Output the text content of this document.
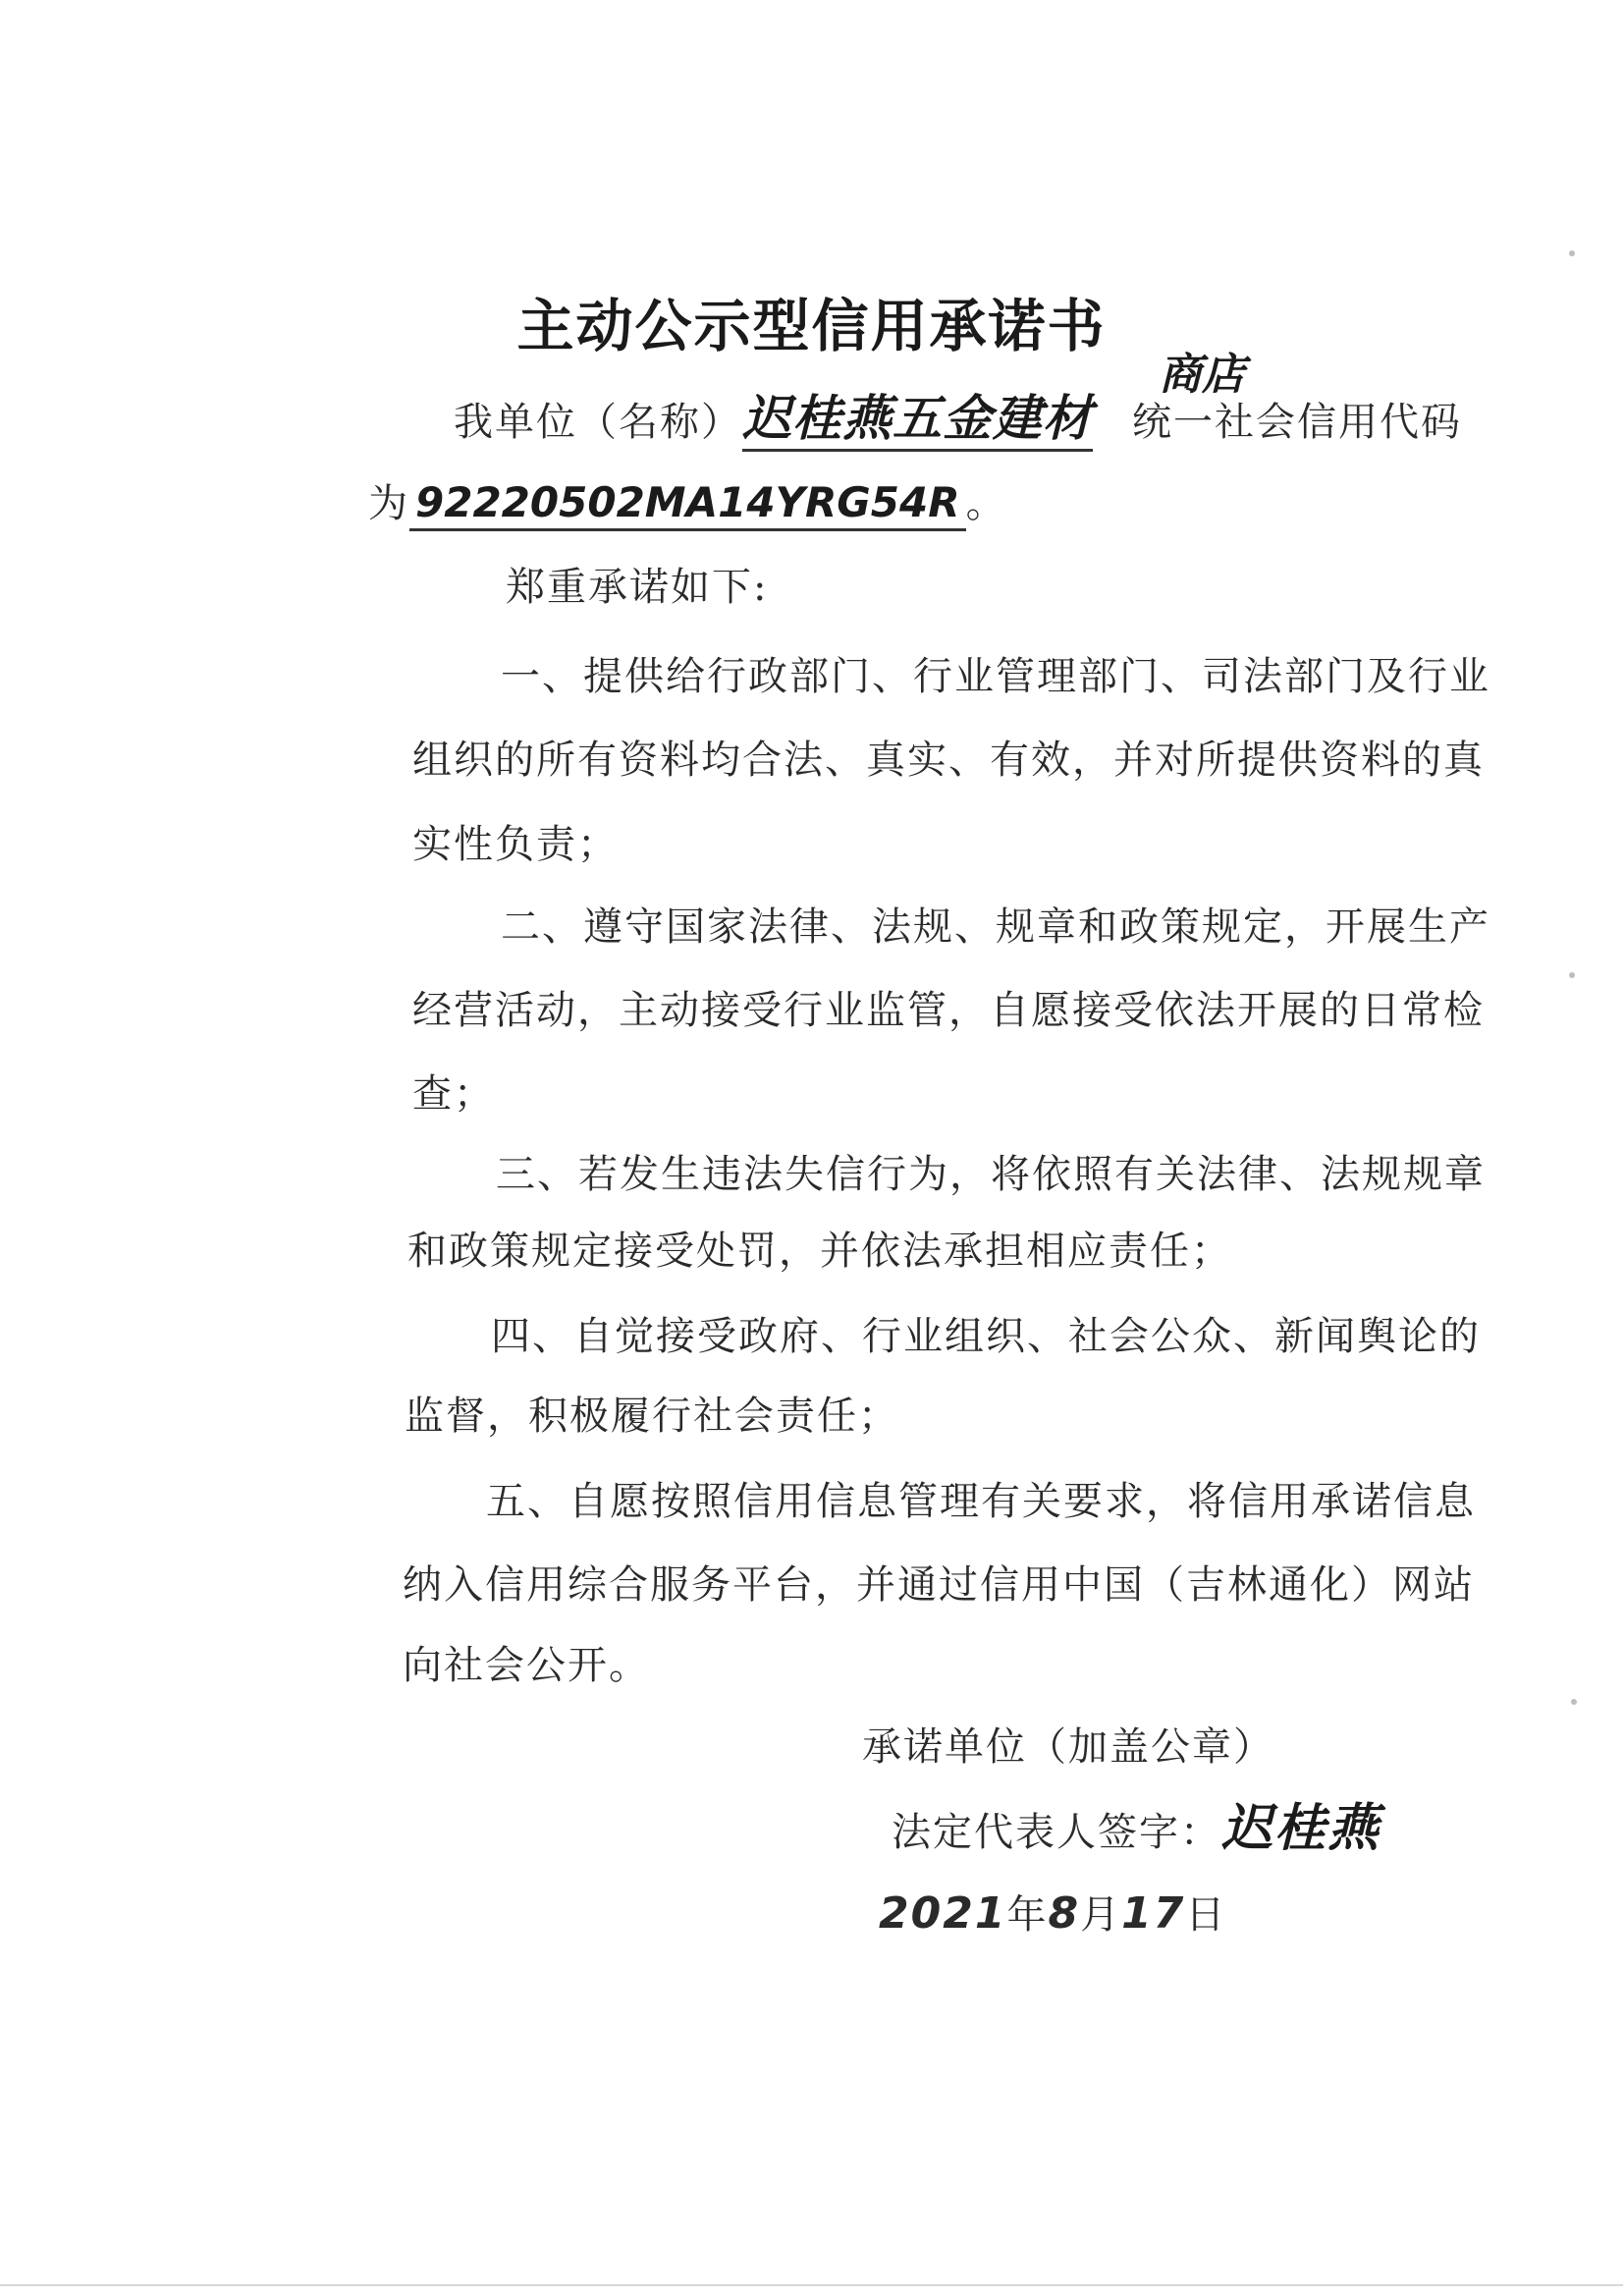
主动公示型信用承诺书
我单位（名称）迟桂燕五金建材 统一社会信用代码
商店
为 92220502MA14YRG54R 。
郑重承诺如下:
一、提供给行政部门、行业管理部门、司法部门及行业
组织的所有资料均合法、真实、有效，并对所提供资料的真
实性负责；
二、遵守国家法律、法规、规章和政策规定，开展生产
经营活动，主动接受行业监管，自愿接受依法开展的日常检
查；
三、若发生违法失信行为，将依照有关法律、法规规章
和政策规定接受处罚，并依法承担相应责任；
四、自觉接受政府、行业组织、社会公众、新闻舆论的
监督，积极履行社会责任；
五、自愿按照信用信息管理有关要求，将信用承诺信息
纳入信用综合服务平台，并通过信用中国（吉林通化）网站
向社会公开。
承诺单位（加盖公章）
法定代表人签字：迟桂燕
2021年8月17日
